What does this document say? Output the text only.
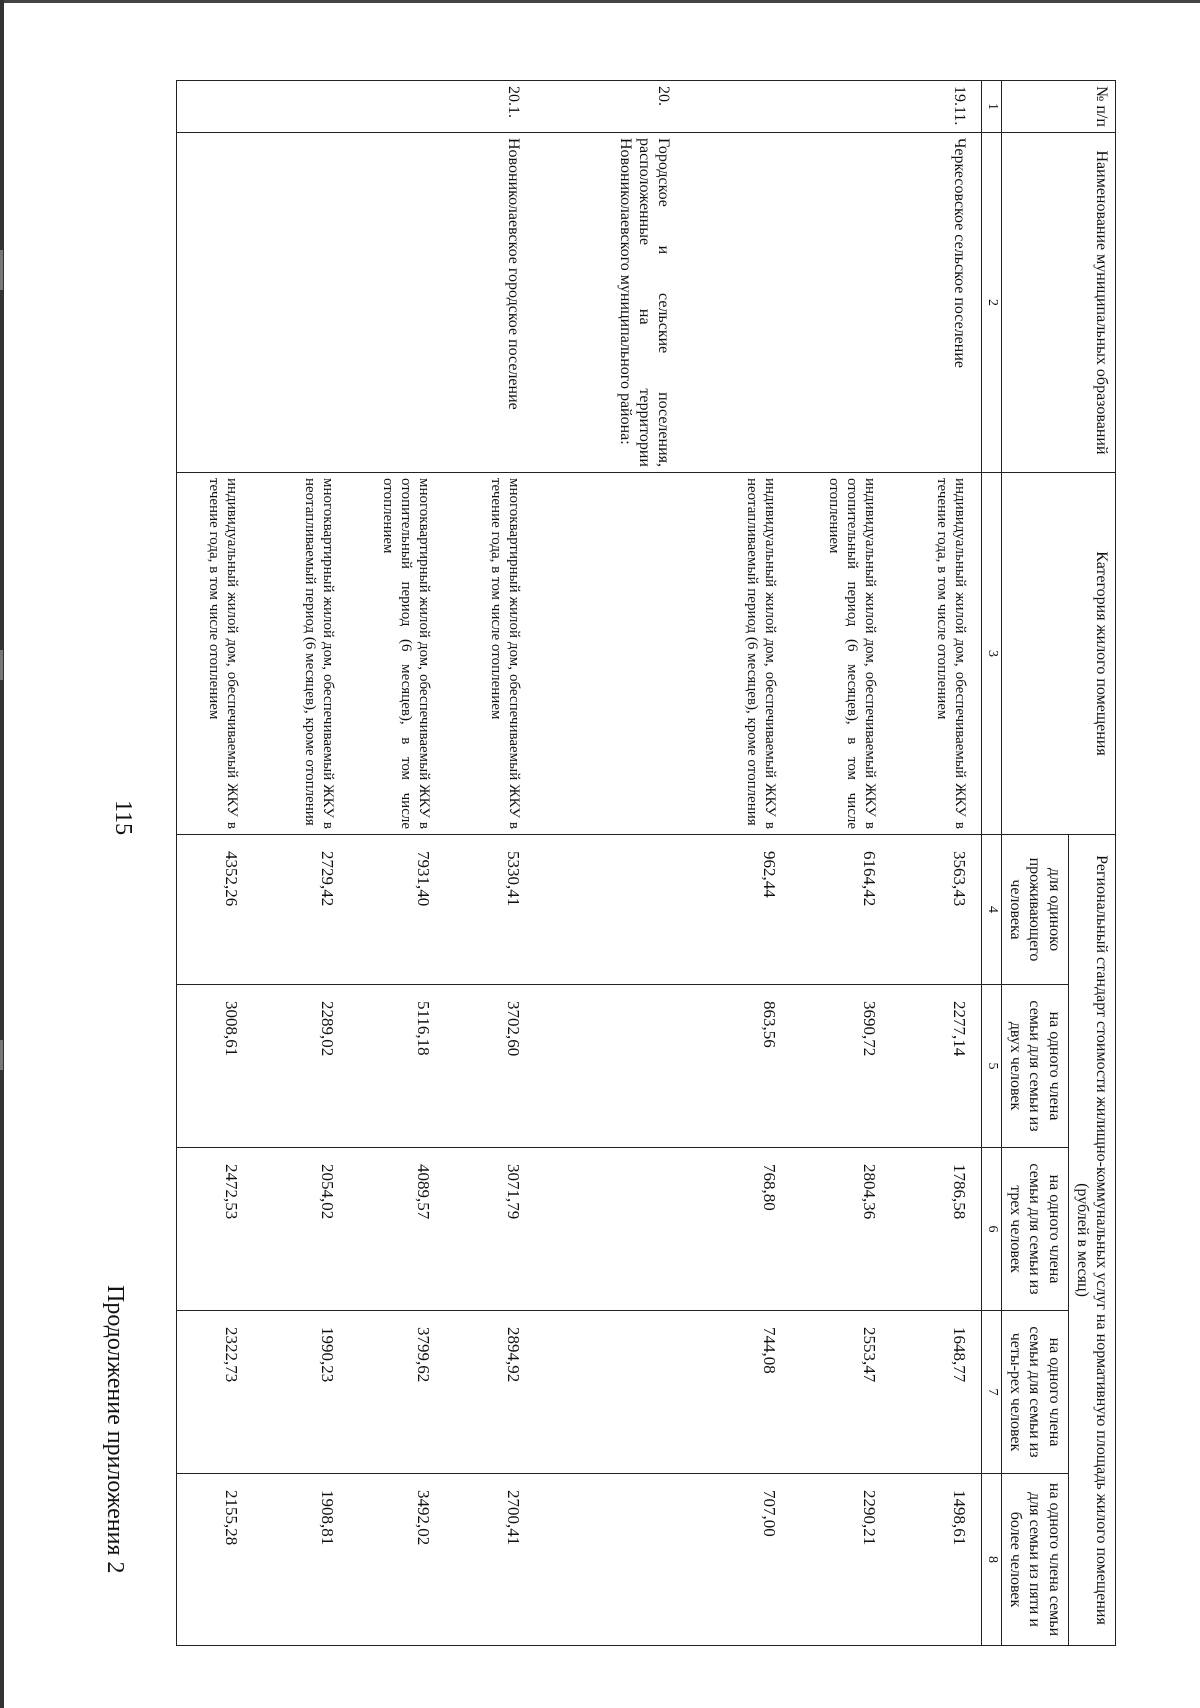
115
Продолжение приложения 2
№ п/п	Наименование муниципальных образований	Категория жилого помещения	Региональный стандарт стоимости жилищно-коммунальных услуг на нормативную площадь жилого помещения (рублей в месяц)				
			для одиноко проживающего человека	на одного члена семьи для семьи из двух человек	на одного члена семьи для семьи из трех человек	на одного члена семьи для семьи из четы-рех человек	на одного члена семьи для семьи из пяти и более человек
1	2	3	4	5	6	7	8
19.11.	Черкесовское сельское поселение	индивидуальный жилой дом, обеспечиваемый ЖКУ в течение года, в том числе отоплением	3563,43	2277,14	1786,58	1648,77	1498,61
		индивидуальный жилой дом, обеспечиваемый ЖКУ в отопительный период (6 месяцев), в том числе отоплением	6164,42	3690,72	2804,36	2553,47	2290,21
		индивидуальный жилой дом, обеспечиваемый ЖКУ в неотапливаемый период (6 месяцев), кроме отопления	962,44	863,56	768,80	744,08	707,00
20.	Городское и сельские поселения, расположенные на территории Новониколаевского муниципального района:						
20.1.	Новониколаевское городское поселение	многоквартирный жилой дом, обеспечиваемый ЖКУ в течение года, в том числе отоплением	5330,41	3702,60	3071,79	2894,92	2700,41
		многоквартирный жилой дом, обеспечиваемый ЖКУ в отопительный период (6 месяцев), в том числе отоплением	7931,40	5116,18	4089,57	3799,62	3492,02
		многоквартирный жилой дом, обеспечиваемый ЖКУ в неотапливаемый период (6 месяцев), кроме отопления	2729,42	2289,02	2054,02	1990,23	1908,81
		индивидуальный жилой дом, обеспечиваемый ЖКУ в течение года, в том числе отоплением	4352,26	3008,61	2472,53	2322,73	2155,28
